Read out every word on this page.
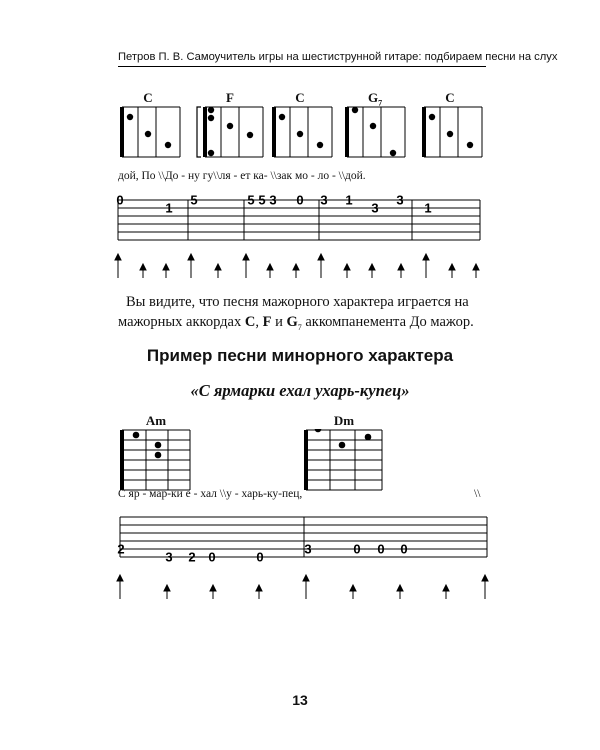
Петров П. В. Самоучитель игры на шестиструнной гитаре: подбираем песни на слух
C	F	C	$G_7$	C
дой, По \\До - ну гу\\ля - ет ка- \\зак мо - ло - \\дой.
0
1
5	5 5 3 0 3 1
3
3
1
Вы видите, что песня мажорного характера играется на
мажорных аккордах C, F и $G_7$ аккомпанемента До мажор.
Пример песни минорного характера
«С ярмарки ехал ухарь-купец»
Am	Dm
С яр - мар-ки е - хал \\у - харь-ку-пец,	\\
2
3 2 0	0
3	0 0 0
13
